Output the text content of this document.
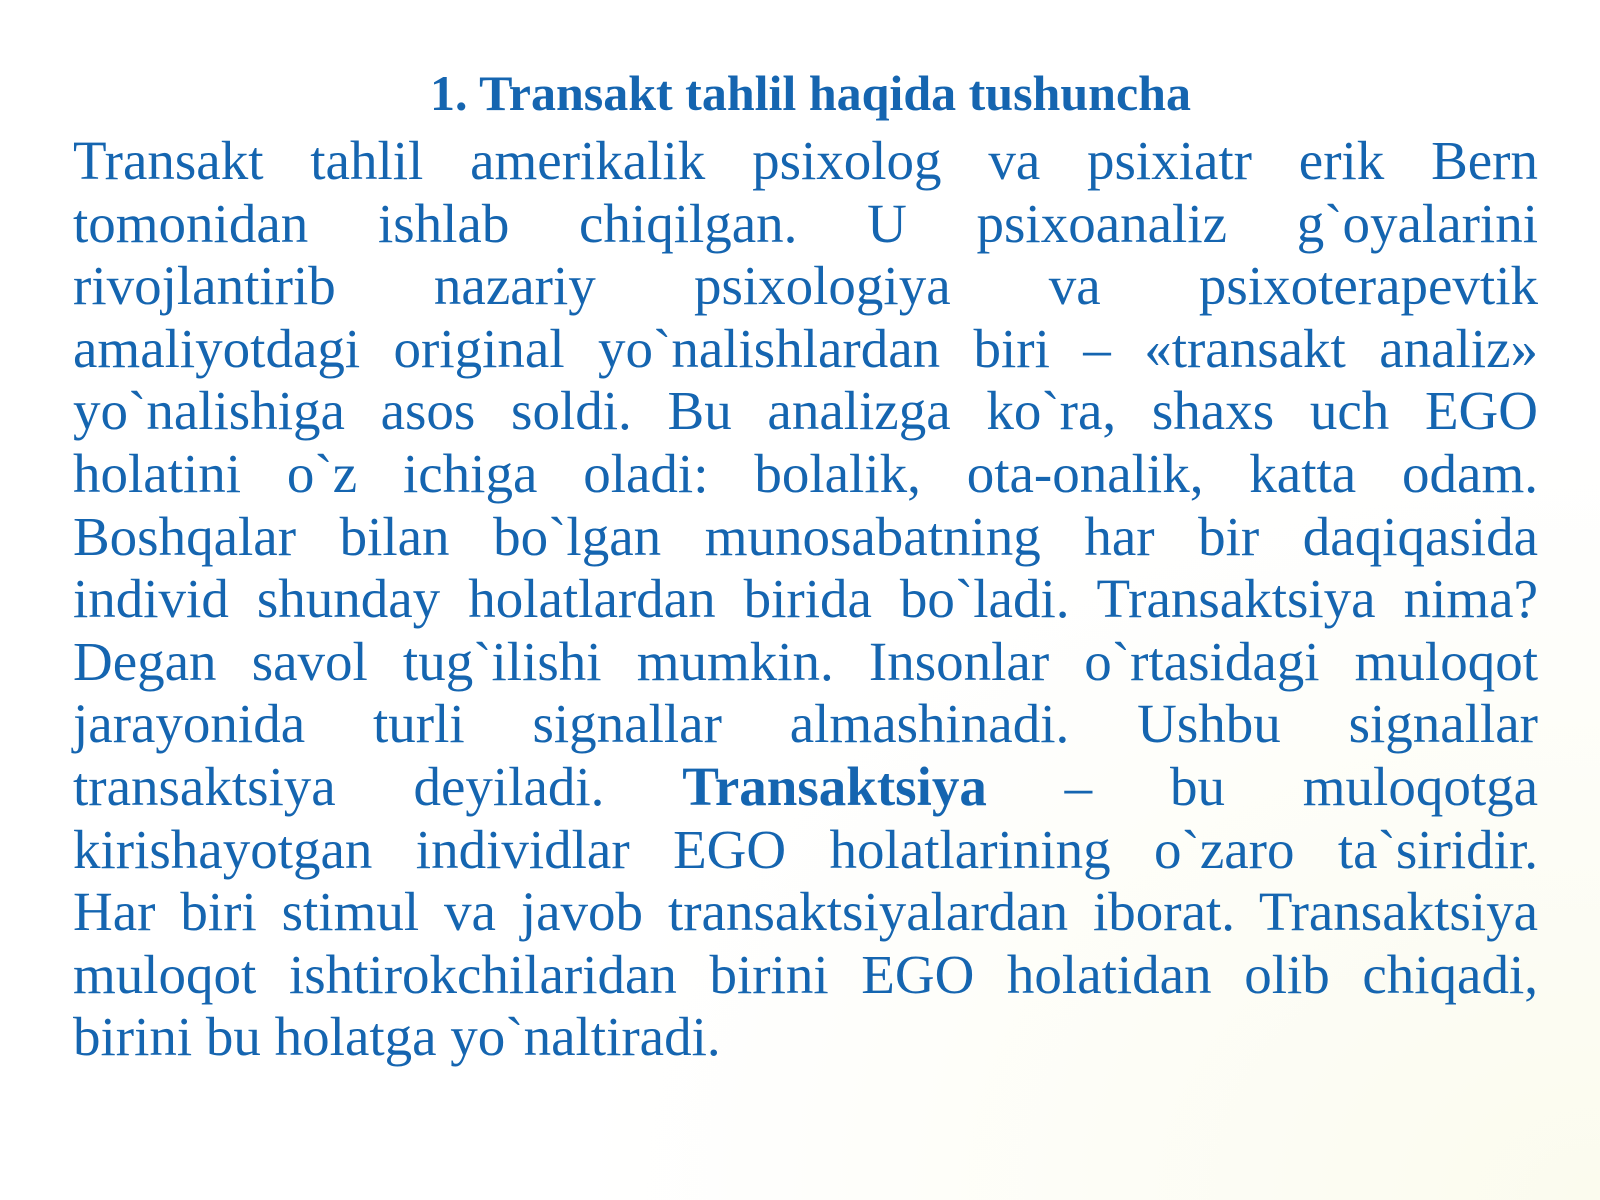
1. Transakt tahlil haqida tushuncha
Transakt tahlil amerikalik psixolog va psixiatr erik Bern
tomonidan ishlab chiqilgan. U psixoanaliz g`oyalarini
rivojlantirib nazariy psixologiya va psixoterapevtik
amaliyotdagi original yo`nalishlardan biri – «transakt analiz»
yo`nalishiga asos soldi. Bu analizga ko`ra, shaxs uch EGO
holatini o`z ichiga oladi: bolalik, ota-onalik, katta odam.
Boshqalar bilan bo`lgan munosabatning har bir daqiqasida
individ shunday holatlardan birida bo`ladi. Transaktsiya nima?
Degan savol tug`ilishi mumkin. Insonlar o`rtasidagi muloqot
jarayonida turli signallar almashinadi. Ushbu signallar
transaktsiya deyiladi. Transaktsiya – bu muloqotga
kirishayotgan individlar EGO holatlarining o`zaro ta`siridir.
Har biri stimul va javob transaktsiyalardan iborat. Transaktsiya
muloqot ishtirokchilaridan birini EGO holatidan olib chiqadi,
birini bu holatga yo`naltiradi.
